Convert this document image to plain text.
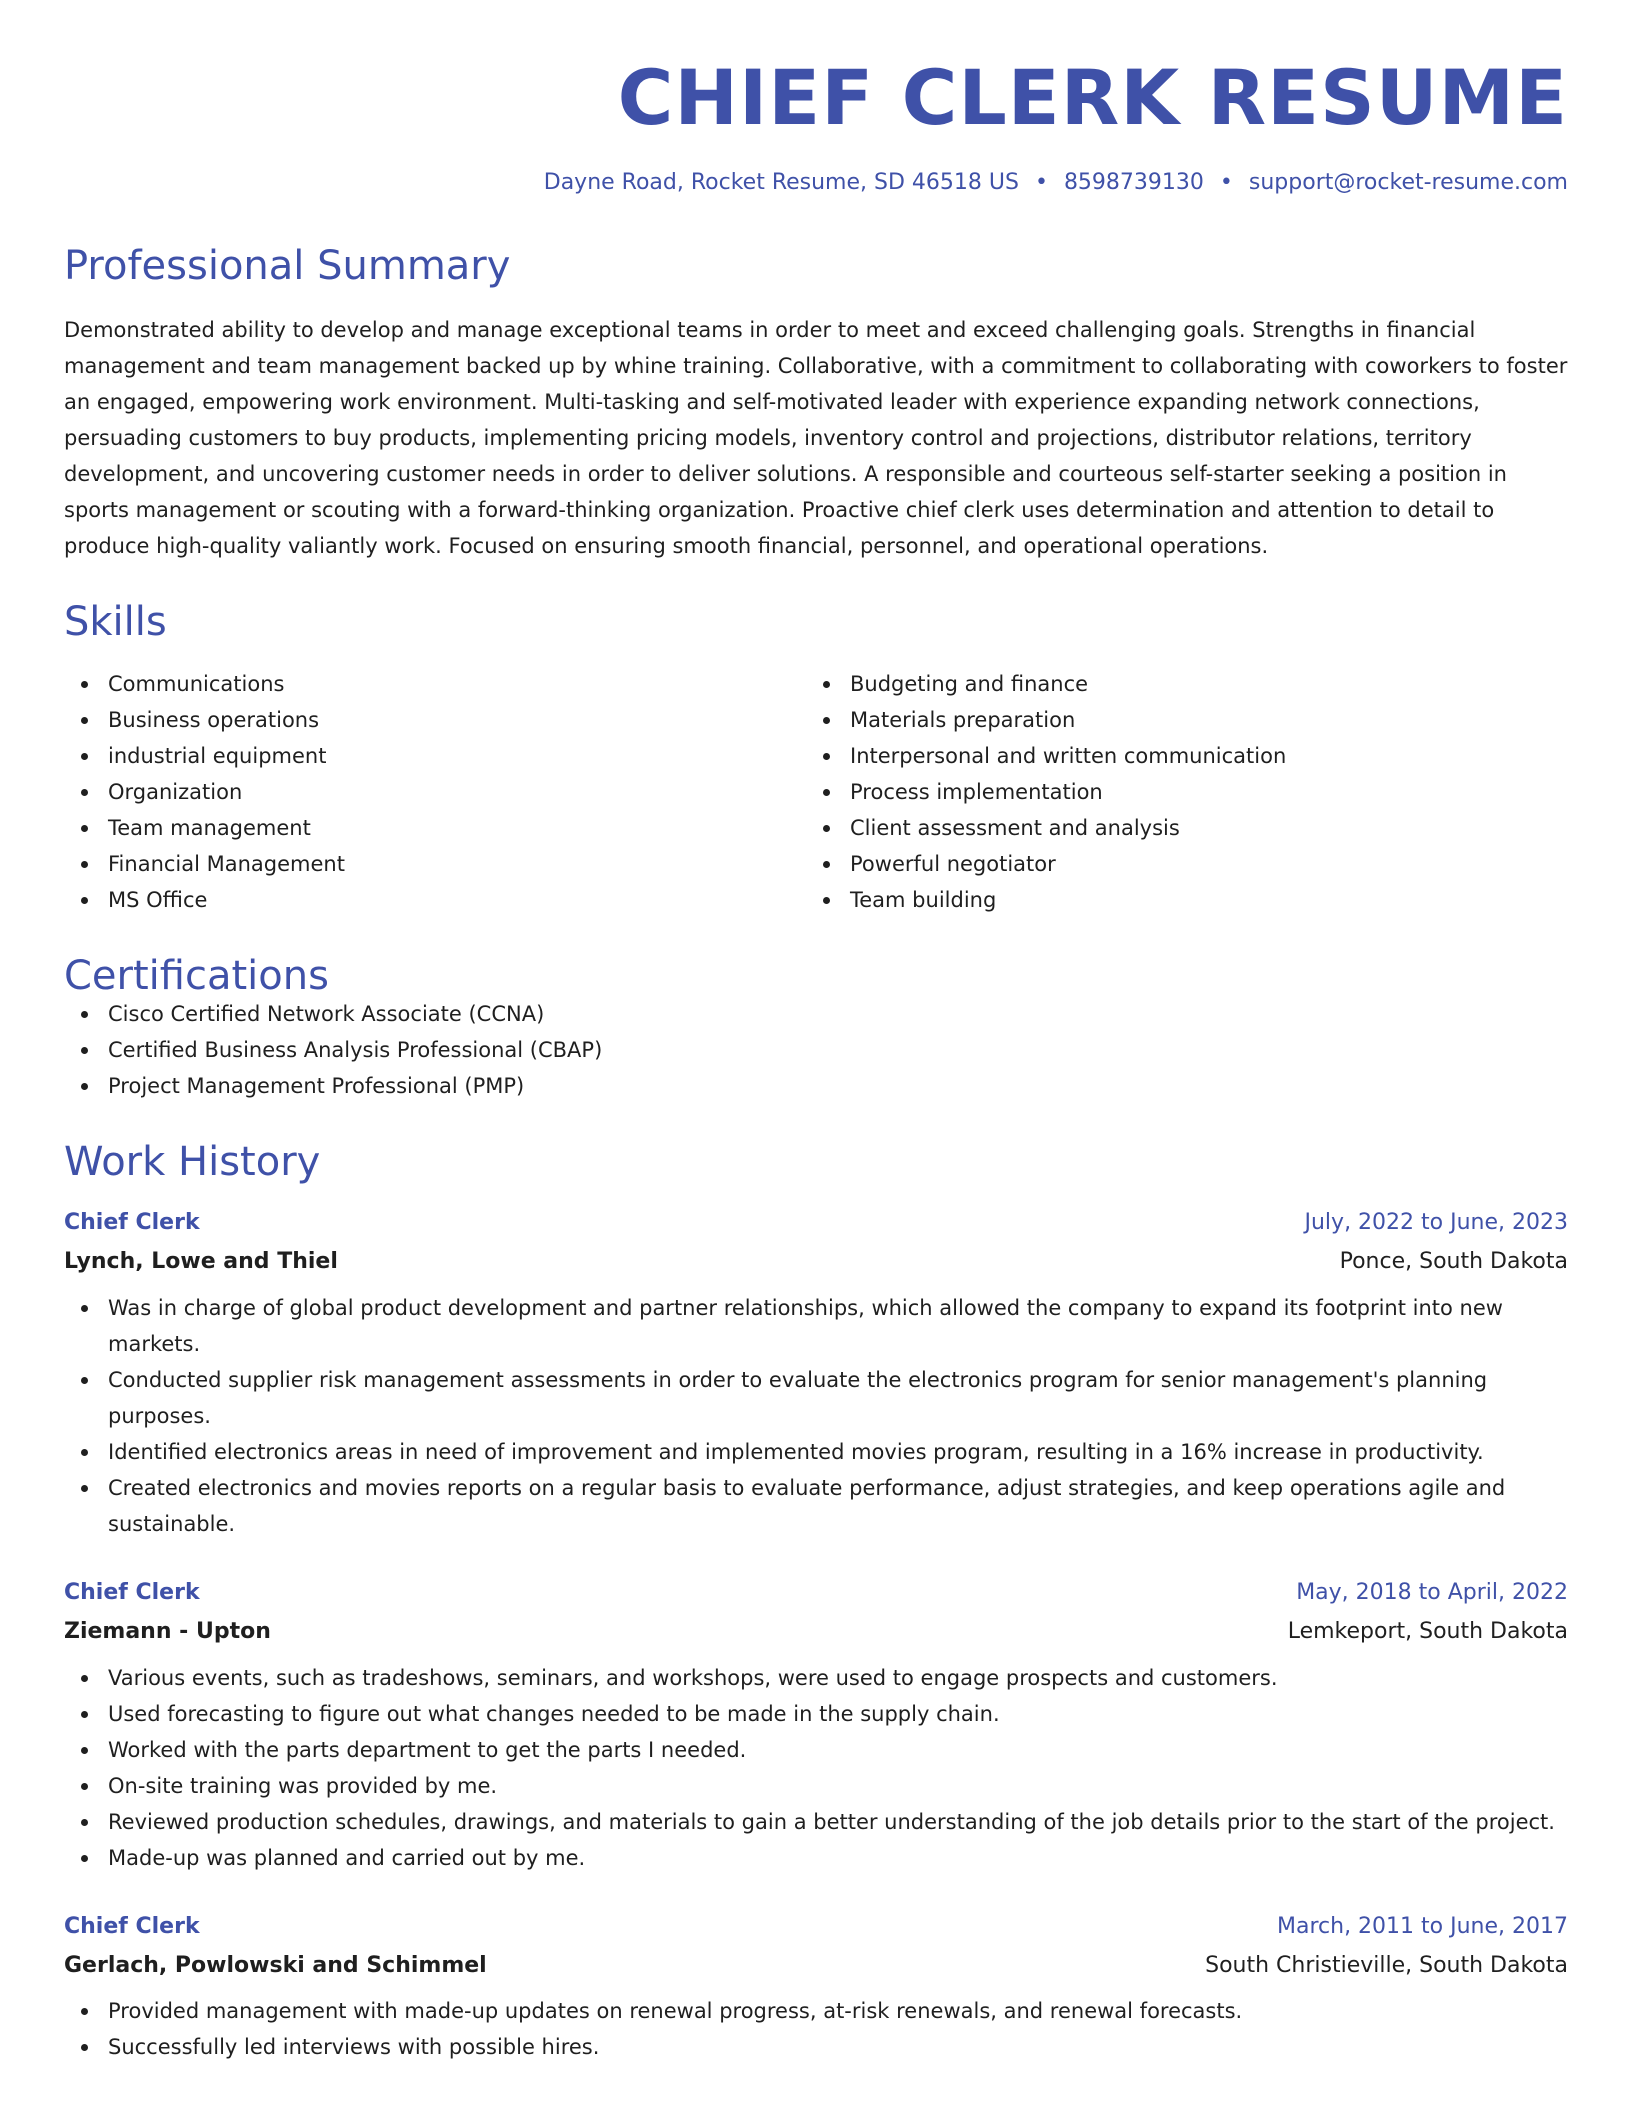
CHIEF CLERK RESUME
Dayne Road, Rocket Resume, SD 46518 US • 8598739130 • support@rocket-resume.com
Professional Summary
Demonstrated ability to develop and manage exceptional teams in order to meet and exceed challenging goals. Strengths in financial management and team management backed up by whine training. Collaborative, with a commitment to collaborating with coworkers to foster an engaged, empowering work environment. Multi-tasking and self-motivated leader with experience expanding network connections, persuading customers to buy products, implementing pricing models, inventory control and projections, distributor relations, territory development, and uncovering customer needs in order to deliver solutions. A responsible and courteous self-starter seeking a position in sports management or scouting with a forward-thinking organization. Proactive chief clerk uses determination and attention to detail to produce high-quality valiantly work. Focused on ensuring smooth financial, personnel, and operational operations.
Skills
Communications
Business operations
industrial equipment
Organization
Team management
Financial Management
MS Office
Budgeting and finance
Materials preparation
Interpersonal and written communication
Process implementation
Client assessment and analysis
Powerful negotiator
Team building
Certifications
Cisco Certified Network Associate (CCNA)
Certified Business Analysis Professional (CBAP)
Project Management Professional (PMP)
Work History
Chief Clerk	July, 2022 to June, 2023
Lynch, Lowe and Thiel	Ponce, South Dakota
Was in charge of global product development and partner relationships, which allowed the company to expand its footprint into new markets.
Conducted supplier risk management assessments in order to evaluate the electronics program for senior management's planning purposes.
Identified electronics areas in need of improvement and implemented movies program, resulting in a 16% increase in productivity.
Created electronics and movies reports on a regular basis to evaluate performance, adjust strategies, and keep operations agile and sustainable.
Chief Clerk	May, 2018 to April, 2022
Ziemann - Upton	Lemkeport, South Dakota
Various events, such as tradeshows, seminars, and workshops, were used to engage prospects and customers.
Used forecasting to figure out what changes needed to be made in the supply chain.
Worked with the parts department to get the parts I needed.
On-site training was provided by me.
Reviewed production schedules, drawings, and materials to gain a better understanding of the job details prior to the start of the project.
Made-up was planned and carried out by me.
Chief Clerk	March, 2011 to June, 2017
Gerlach, Powlowski and Schimmel	South Christieville, South Dakota
Provided management with made-up updates on renewal progress, at-risk renewals, and renewal forecasts.
Successfully led interviews with possible hires.
